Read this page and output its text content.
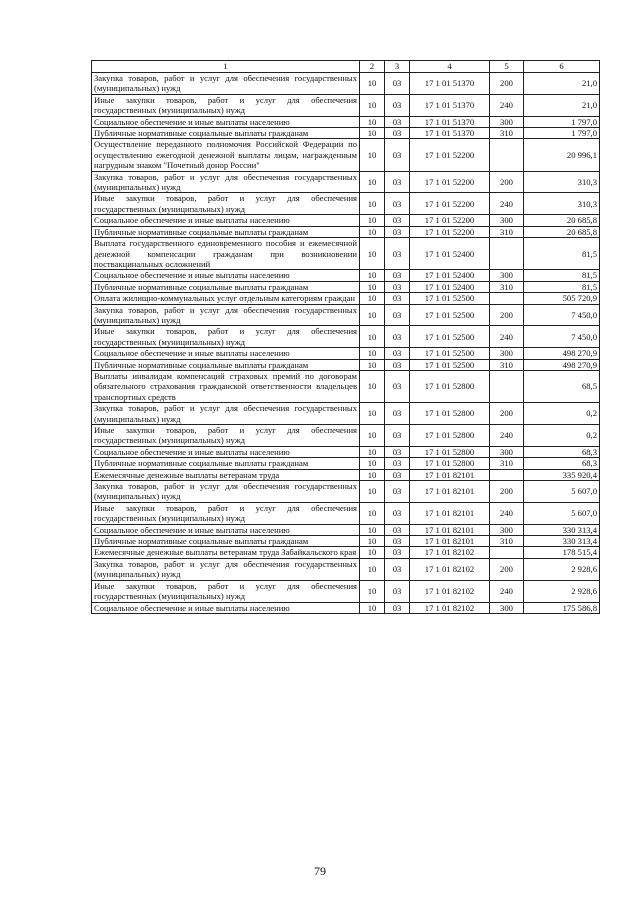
1	2	3	4	5	6
Закупка товаров, работ и услуг для обеспечения государственных (муниципальных) нужд	10	03	17 1 01 51370	200	21,0
Иные закупки товаров, работ и услуг для обеспечения государственных (муниципальных) нужд	10	03	17 1 01 51370	240	21,0
Социальное обеспечение и иные выплаты населению	10	03	17 1 01 51370	300	1 797,0
Публичные нормативные социальные выплаты гражданам	10	03	17 1 01 51370	310	1 797,0
Осуществление переданного полномочия Российской Федерации по осуществлению ежегодной денежной выплаты лицам, награжденным нагрудным знаком "Почетный донор России"	10	03	17 1 01 52200		20 996,1
Закупка товаров, работ и услуг для обеспечения государственных (муниципальных) нужд	10	03	17 1 01 52200	200	310,3
Иные закупки товаров, работ и услуг для обеспечения государственных (муниципальных) нужд	10	03	17 1 01 52200	240	310,3
Социальное обеспечение и иные выплаты населению	10	03	17 1 01 52200	300	20 685,8
Публичные нормативные социальные выплаты гражданам	10	03	17 1 01 52200	310	20 685,8
Выплата государственного единовременного пособия и ежемесячной денежной компенсации гражданам при возникновении поствакцинальных осложнений	10	03	17 1 01 52400		81,5
Социальное обеспечение и иные выплаты населению	10	03	17 1 01 52400	300	81,5
Публичные нормативные социальные выплаты гражданам	10	03	17 1 01 52400	310	81,5
Оплата жилищно-коммунальных услуг отдельным категориям граждан	10	03	17 1 01 52500		505 720,9
Закупка товаров, работ и услуг для обеспечения государственных (муниципальных) нужд	10	03	17 1 01 52500	200	7 450,0
Иные закупки товаров, работ и услуг для обеспечения государственных (муниципальных) нужд	10	03	17 1 01 52500	240	7 450,0
Социальное обеспечение и иные выплаты населению	10	03	17 1 01 52500	300	498 270,9
Публичные нормативные социальные выплаты гражданам	10	03	17 1 01 52500	310	498 270,9
Выплаты инвалидам компенсаций страховых премий по договорам обязательного страхования гражданской ответственности владельцев транспортных средств	10	03	17 1 01 52800		68,5
Закупка товаров, работ и услуг для обеспечения государственных (муниципальных) нужд	10	03	17 1 01 52800	200	0,2
Иные закупки товаров, работ и услуг для обеспечения государственных (муниципальных) нужд	10	03	17 1 01 52800	240	0,2
Социальное обеспечение и иные выплаты населению	10	03	17 1 01 52800	300	68,3
Публичные нормативные социальные выплаты гражданам	10	03	17 1 01 52800	310	68,3
Ежемесячные денежные выплаты ветеранам труда	10	03	17 1 01 82101		335 920,4
Закупка товаров, работ и услуг для обеспечения государственных (муниципальных) нужд	10	03	17 1 01 82101	200	5 607,0
Иные закупки товаров, работ и услуг для обеспечения государственных (муниципальных) нужд	10	03	17 1 01 82101	240	5 607,0
Социальное обеспечение и иные выплаты населению	10	03	17 1 01 82101	300	330 313,4
Публичные нормативные социальные выплаты гражданам	10	03	17 1 01 82101	310	330 313,4
Ежемесячные денежные выплаты ветеранам труда Забайкальского края	10	03	17 1 01 82102		178 515,4
Закупка товаров, работ и услуг для обеспечения государственных (муниципальных) нужд	10	03	17 1 01 82102	200	2 928,6
Иные закупки товаров, работ и услуг для обеспечения государственных (муниципальных) нужд	10	03	17 1 01 82102	240	2 928,6
Социальное обеспечение и иные выплаты населению	10	03	17 1 01 82102	300	175 586,8
79
